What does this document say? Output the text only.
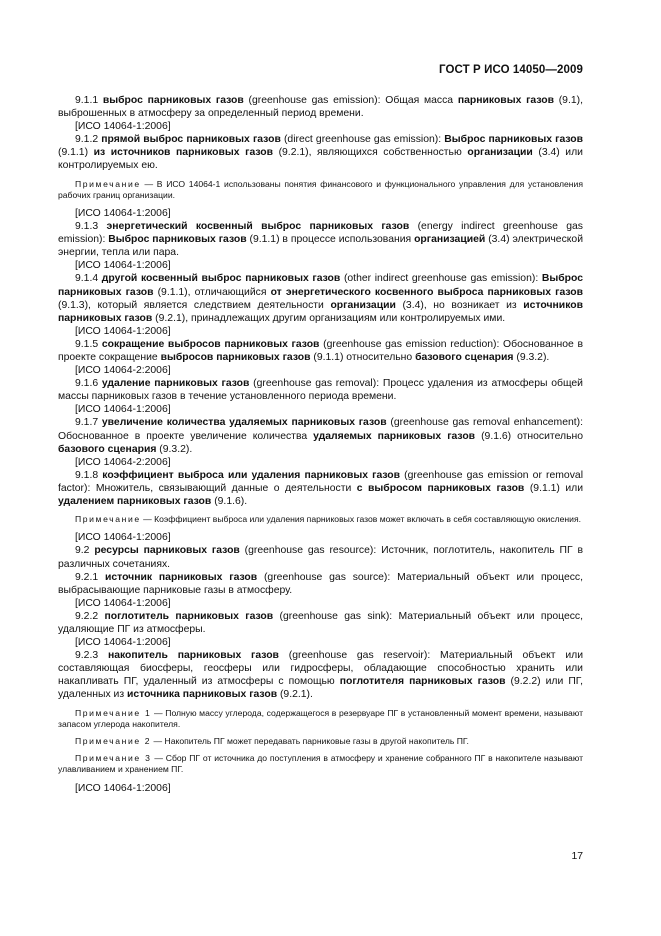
ГОСТ Р ИСО 14050—2009

9.1.1 выброс парниковых газов (greenhouse gas emission): Общая масса парниковых газов (9.1), выброшенных в атмосферу за определенный период времени.

[ИСО 14064-1:2006]

9.1.2 прямой выброс парниковых газов (direct greenhouse gas emission): Выброс парниковых газов (9.1.1) из источников парниковых газов (9.2.1), являющихся собственностью организации (3.4) или контролируемых ею.

Примечание — В ИСО 14064-1 использованы понятия финансового и функционального управления для установления рабочих границ организации.

[ИСО 14064-1:2006]

9.1.3 энергетический косвенный выброс парниковых газов (energy indirect greenhouse gas emission): Выброс парниковых газов (9.1.1) в процессе использования организацией (3.4) электрической энергии, тепла или пара.

[ИСО 14064-1:2006]

9.1.4 другой косвенный выброс парниковых газов (other indirect greenhouse gas emission): Выброс парниковых газов (9.1.1), отличающийся от энергетического косвенного выброса парниковых газов (9.1.3), который является следствием деятельности организации (3.4), но возникает из источников парниковых газов (9.2.1), принадлежащих другим организациям или контролируемых ими.

[ИСО 14064-1:2006]

9.1.5 сокращение выбросов парниковых газов (greenhouse gas emission reduction): Обоснованное в проекте сокращение выбросов парниковых газов (9.1.1) относительно базового сценария (9.3.2).

[ИСО 14064-2:2006]

9.1.6 удаление парниковых газов (greenhouse gas removal): Процесс удаления из атмосферы общей массы парниковых газов в течение установленного периода времени.

[ИСО 14064-1:2006]

9.1.7 увеличение количества удаляемых парниковых газов (greenhouse gas removal enhancement): Обоснованное в проекте увеличение количества удаляемых парниковых газов (9.1.6) относительно базового сценария (9.3.2).

[ИСО 14064-2:2006]

9.1.8 коэффициент выброса или удаления парниковых газов (greenhouse gas emission or removal factor): Множитель, связывающий данные о деятельности с выбросом парниковых газов (9.1.1) или удалением парниковых газов (9.1.6).

Примечание — Коэффициент выброса или удаления парниковых газов может включать в себя составляющую окисления.

[ИСО 14064-1:2006]

9.2 ресурсы парниковых газов (greenhouse gas resource): Источник, поглотитель, накопитель ПГ в различных сочетаниях.

9.2.1 источник парниковых газов (greenhouse gas source): Материальный объект или процесс, выбрасывающие парниковые газы в атмосферу.

[ИСО 14064-1:2006]

9.2.2 поглотитель парниковых газов (greenhouse gas sink): Материальный объект или процесс, удаляющие ПГ из атмосферы.

[ИСО 14064-1:2006]

9.2.3 накопитель парниковых газов (greenhouse gas reservoir): Материальный объект или составляющая биосферы, геосферы или гидросферы, обладающие способностью хранить или накапливать ПГ, удаленный из атмосферы с помощью поглотителя парниковых газов (9.2.2) или ПГ, удаленных из источника парниковых газов (9.2.1).

Примечание 1 — Полную массу углерода, содержащегося в резервуаре ПГ в установленный момент времени, называют запасом углерода накопителя.

Примечание 2 — Накопитель ПГ может передавать парниковые газы в другой накопитель ПГ.

Примечание 3 — Сбор ПГ от источника до поступления в атмосферу и хранение собранного ПГ в накопителе называют улавливанием и хранением ПГ.

[ИСО 14064-1:2006]

17
